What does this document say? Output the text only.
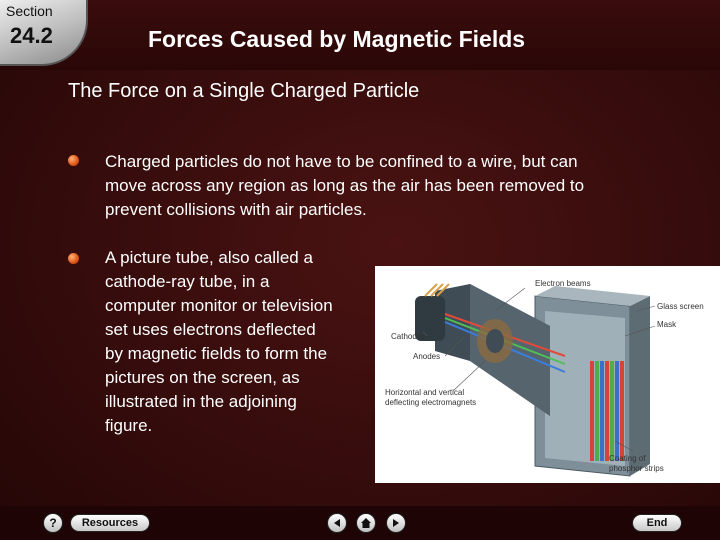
Section
24.2	Forces Caused by Magnetic Fields
The Force on a Single Charged Particle
Charged particles do not have to be confined to a wire, but can
move across any region as long as the air has been removed to
prevent collisions with air particles.
A picture tube, also called a
cathode-ray tube, in a
computer monitor or television
set uses electrons deflected
by magnetic fields to form the
pictures on the screen, as
illustrated in the adjoining
figure.
Electron beams
Glass screen
Cathodes
Mask
Anodes
Horizontal and vertical
deflecting electromagnets
Coating of
phosphor strips
?	Resources	End
